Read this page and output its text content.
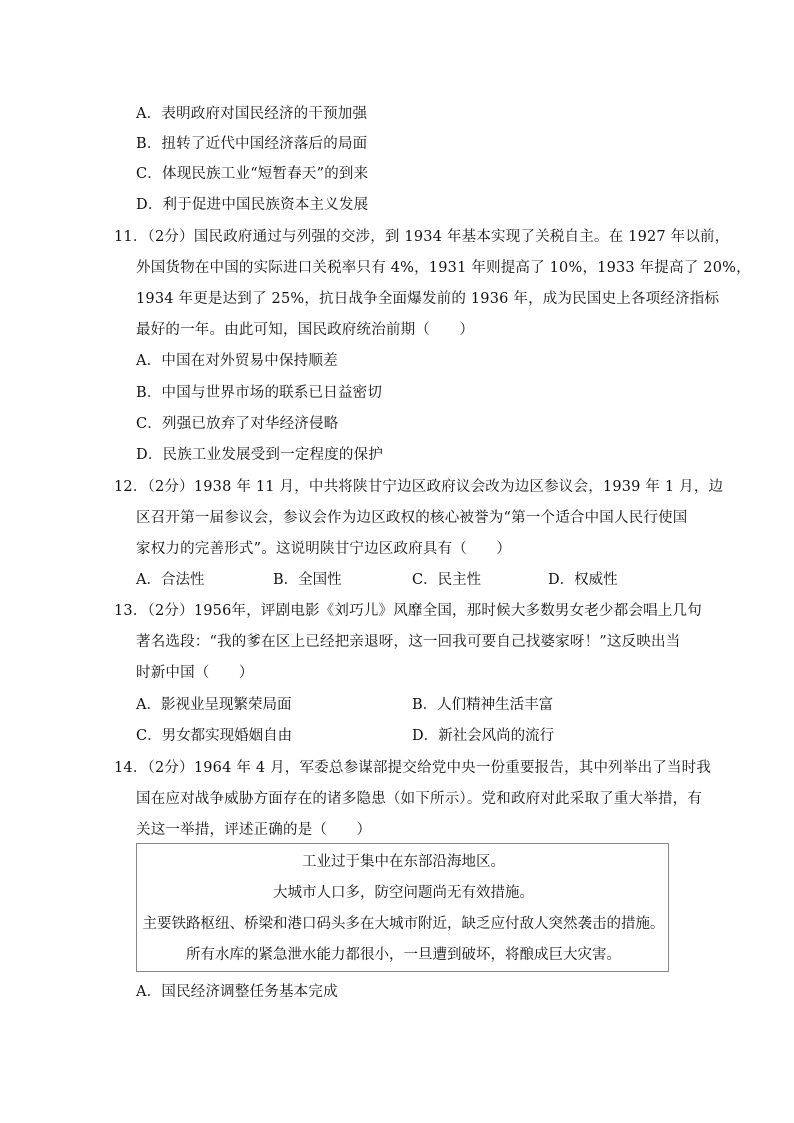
A．表明政府对国民经济的干预加强
B．扭转了近代中国经济落后的局面
C．体现民族工业“短暂春天”的到来
D．利于促进中国民族资本主义发展
11．（2分）国民政府通过与列强的交涉，到 1934 年基本实现了关税自主。在 1927 年以前，
外国货物在中国的实际进口关税率只有 4%，1931 年则提高了 10%，1933 年提高了 20%，
1934 年更是达到了 25%，抗日战争全面爆发前的 1936 年，成为民国史上各项经济指标
最好的一年。由此可知，国民政府统治前期（　　）
A．中国在对外贸易中保持顺差
B．中国与世界市场的联系已日益密切
C．列强已放弃了对华经济侵略
D．民族工业发展受到一定程度的保护
12．（2分）1938 年 11 月，中共将陕甘宁边区政府议会改为边区参议会，1939 年 1 月，边
区召开第一届参议会，参议会作为边区政权的核心被誉为“第一个适合中国人民行使国
家权力的完善形式”。这说明陕甘宁边区政府具有（　　）
A．合法性	B．全国性	C．民主性	D．权威性
13．（2分）1956年，评剧电影《刘巧儿》风靡全国，那时候大多数男女老少都会唱上几句
著名选段：“我的爹在区上已经把亲退呀，这一回我可要自己找婆家呀！”这反映出当
时新中国（　　）
A．影视业呈现繁荣局面	B．人们精神生活丰富
C．男女都实现婚姻自由	D．新社会风尚的流行
14．（2分）1964 年 4 月，军委总参谋部提交给党中央一份重要报告，其中列举出了当时我
国在应对战争威胁方面存在的诸多隐患（如下所示）。党和政府对此采取了重大举措，有
关这一举措，评述正确的是（　　）
工业过于集中在东部沿海地区。
大城市人口多，防空问题尚无有效措施。
主要铁路枢纽、桥梁和港口码头多在大城市附近，缺乏应付敌人突然袭击的措施。
所有水库的紧急泄水能力都很小，一旦遭到破坏，将酿成巨大灾害。
A．国民经济调整任务基本完成
